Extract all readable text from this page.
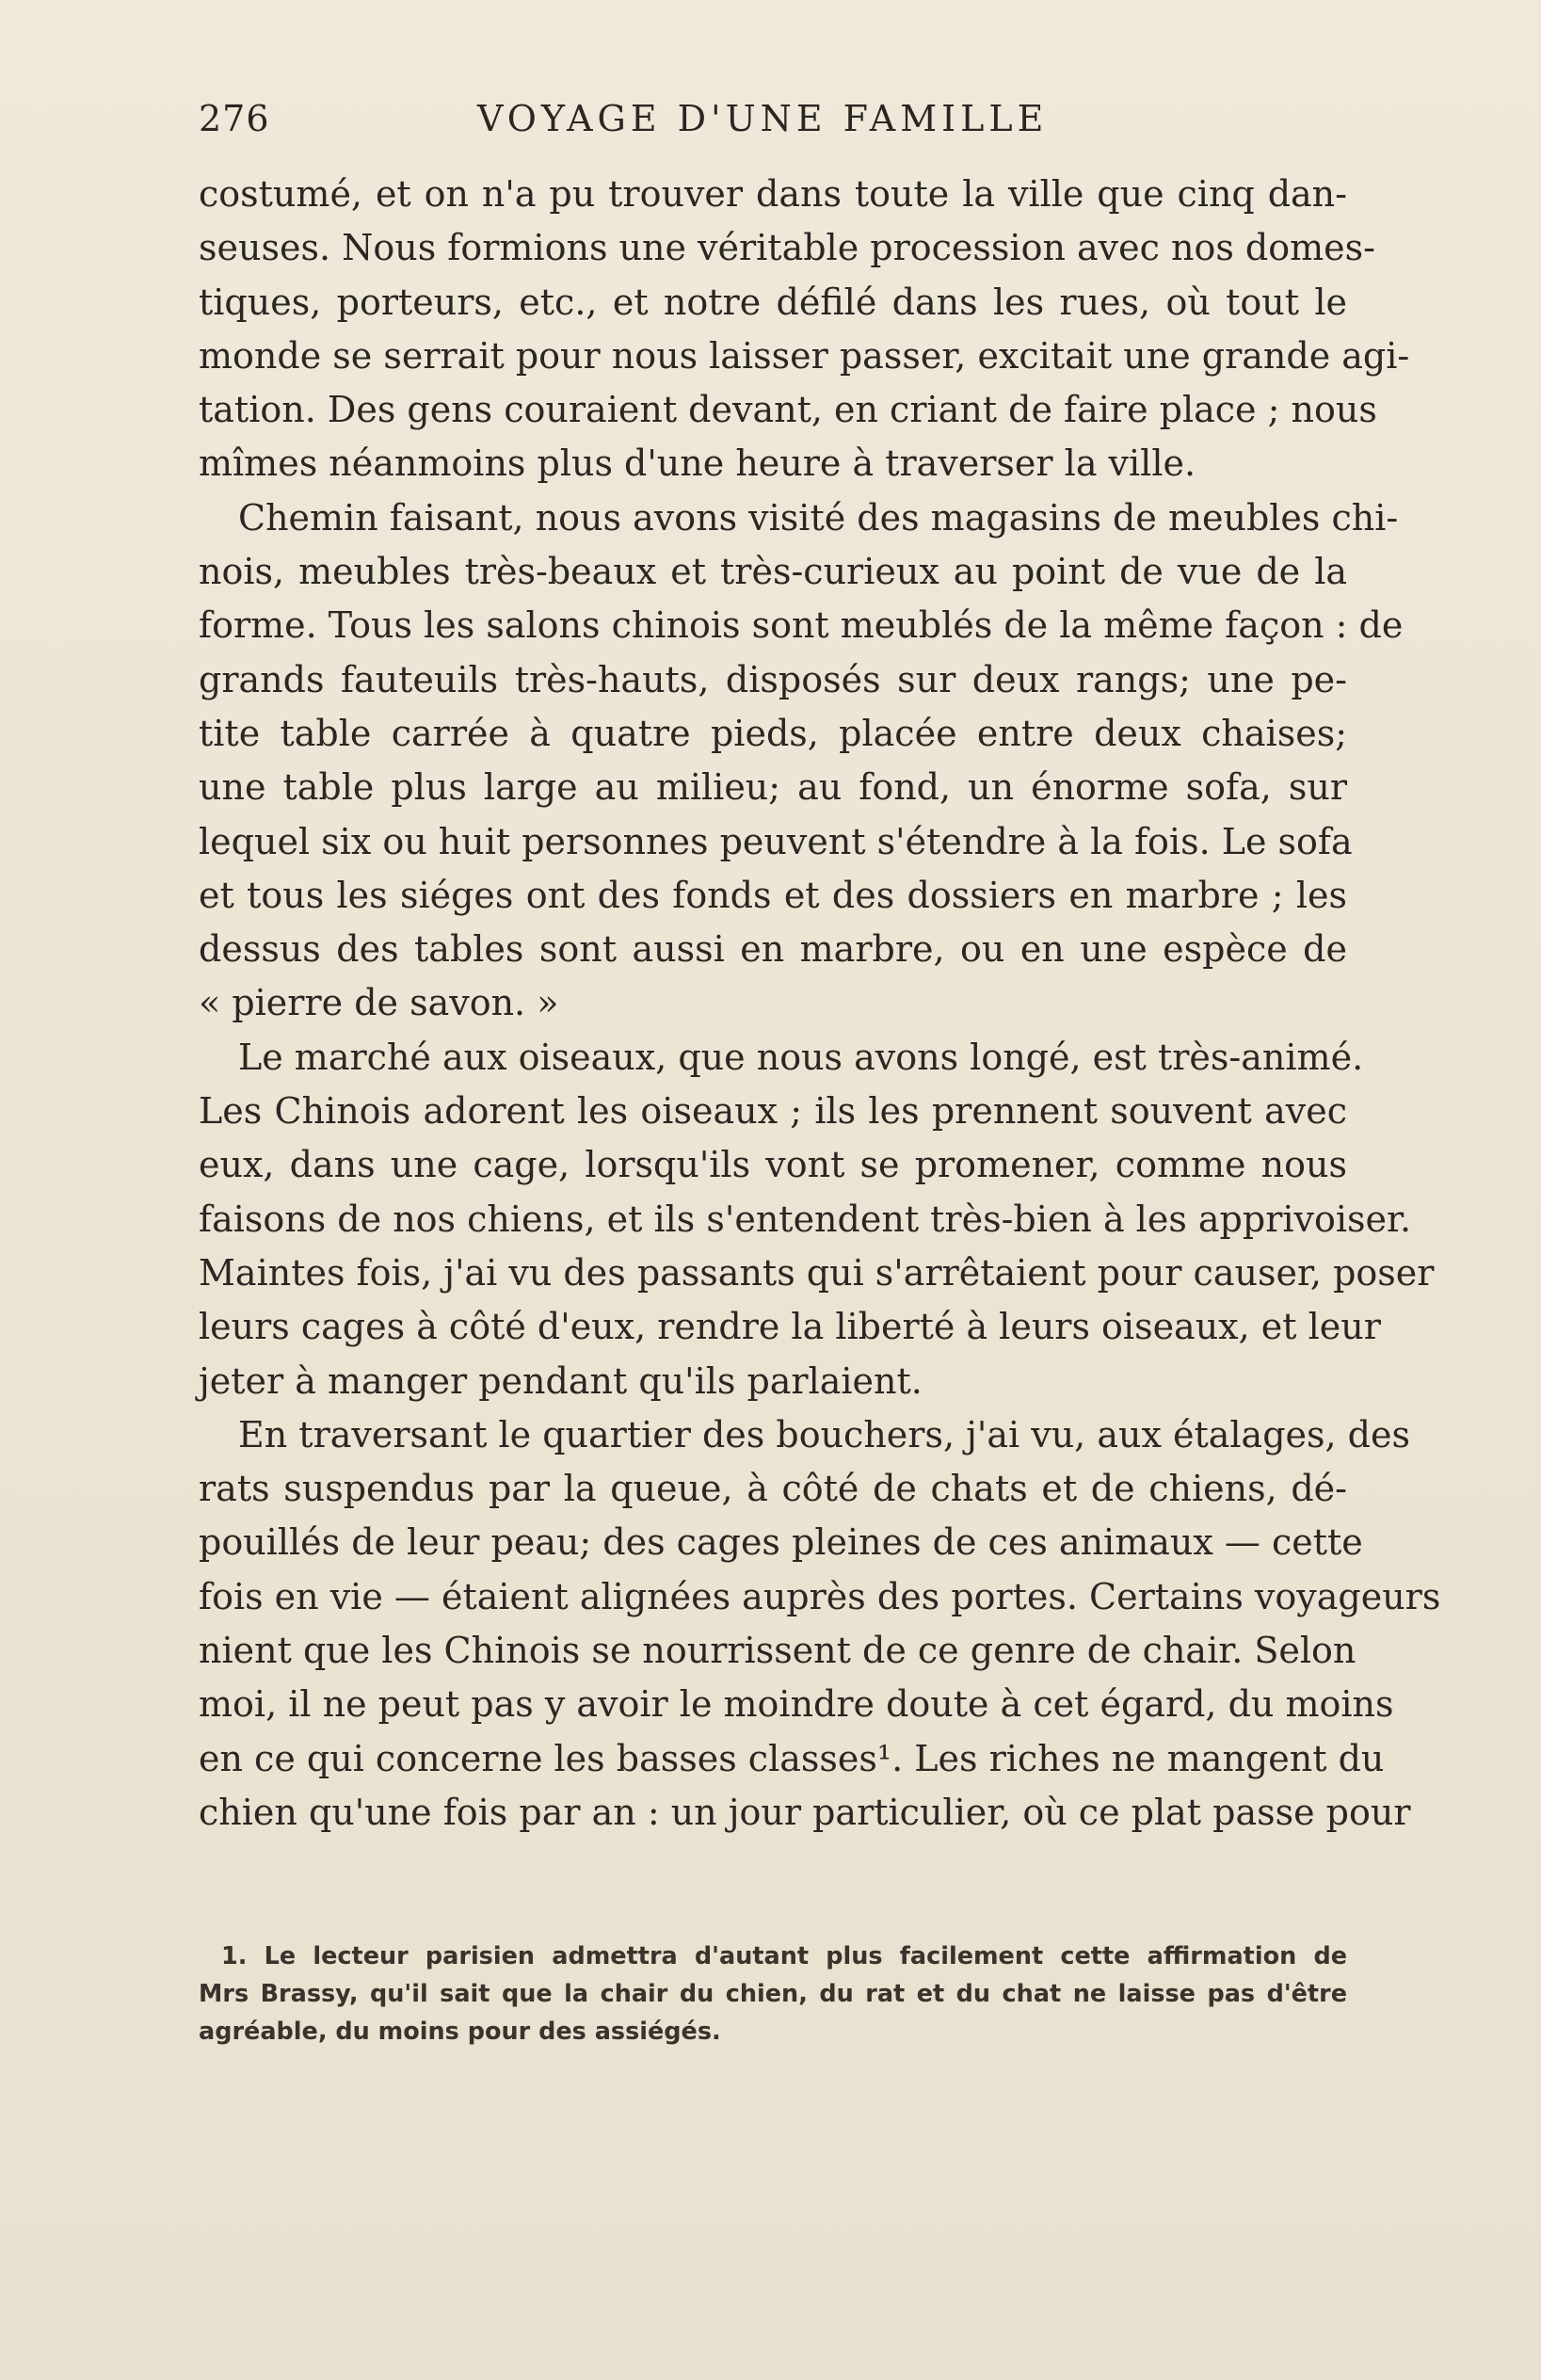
276	VOYAGE D'UNE FAMILLE
costumé, et on n'a pu trouver dans toute la ville que cinq dan-
seuses. Nous formions une véritable procession avec nos domes-
tiques, porteurs, etc., et notre défilé dans les rues, où tout le
monde se serrait pour nous laisser passer, excitait une grande agi-
tation. Des gens couraient devant, en criant de faire place ; nous
mîmes néanmoins plus d'une heure à traverser la ville.
Chemin faisant, nous avons visité des magasins de meubles chi-
nois, meubles très-beaux et très-curieux au point de vue de la
forme. Tous les salons chinois sont meublés de la même façon : de
grands fauteuils très-hauts, disposés sur deux rangs; une pe-
tite table carrée à quatre pieds, placée entre deux chaises;
une table plus large au milieu; au fond, un énorme sofa, sur
lequel six ou huit personnes peuvent s'étendre à la fois. Le sofa
et tous les siéges ont des fonds et des dossiers en marbre ; les
dessus des tables sont aussi en marbre, ou en une espèce de
« pierre de savon. »
Le marché aux oiseaux, que nous avons longé, est très-animé.
Les Chinois adorent les oiseaux ; ils les prennent souvent avec
eux, dans une cage, lorsqu'ils vont se promener, comme nous
faisons de nos chiens, et ils s'entendent très-bien à les apprivoiser.
Maintes fois, j'ai vu des passants qui s'arrêtaient pour causer, poser
leurs cages à côté d'eux, rendre la liberté à leurs oiseaux, et leur
jeter à manger pendant qu'ils parlaient.
En traversant le quartier des bouchers, j'ai vu, aux étalages, des
rats suspendus par la queue, à côté de chats et de chiens, dé-
pouillés de leur peau; des cages pleines de ces animaux — cette
fois en vie — étaient alignées auprès des portes. Certains voyageurs
nient que les Chinois se nourrissent de ce genre de chair. Selon
moi, il ne peut pas y avoir le moindre doute à cet égard, du moins
en ce qui concerne les basses classes¹. Les riches ne mangent du
chien qu'une fois par an : un jour particulier, où ce plat passe pour
1. Le lecteur parisien admettra d'autant plus facilement cette affirmation de
Mrs Brassy, qu'il sait que la chair du chien, du rat et du chat ne laisse pas d'être
agréable, du moins pour des assiégés.
